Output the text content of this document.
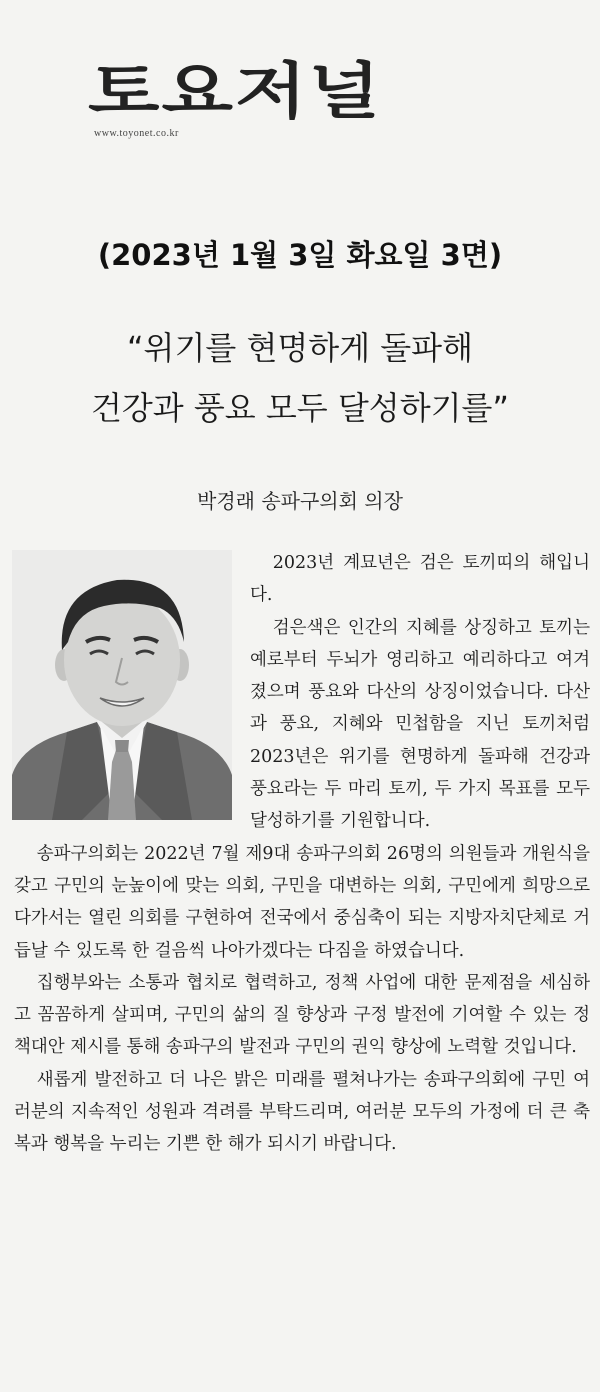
토요저널
www.toyonet.co.kr
(2023년 1월 3일 화요일 3면)
“위기를 현명하게 돌파해
건강과 풍요 모두 달성하기를”
박경래 송파구의회 의장

2023년 계묘년은 검은 토끼띠의 해입니다.

검은색은 인간의 지혜를 상징하고 토끼는 예로부터 두뇌가 영리하고 예리하다고 여겨졌으며 풍요와 다산의 상징이었습니다. 다산과 풍요, 지혜와 민첩함을 지닌 토끼처럼 2023년은 위기를 현명하게 돌파해 건강과 풍요라는 두 마리 토끼, 두 가지 목표를 모두 달성하기를 기원합니다.

송파구의회는 2022년 7월 제9대 송파구의회 26명의 의원들과 개원식을 갖고 구민의 눈높이에 맞는 의회, 구민을 대변하는 의회, 구민에게 희망으로 다가서는 열린 의회를 구현하여 전국에서 중심축이 되는 지방자치단체로 거듭날 수 있도록 한 걸음씩 나아가겠다는 다짐을 하였습니다.

집행부와는 소통과 협치로 협력하고, 정책 사업에 대한 문제점을 세심하고 꼼꼼하게 살피며, 구민의 삶의 질 향상과 구정 발전에 기여할 수 있는 정책대안 제시를 통해 송파구의 발전과 구민의 권익 향상에 노력할 것입니다.

새롭게 발전하고 더 나은 밝은 미래를 펼쳐나가는 송파구의회에 구민 여러분의 지속적인 성원과 격려를 부탁드리며, 여러분 모두의 가정에 더 큰 축복과 행복을 누리는 기쁜 한 해가 되시기 바랍니다.
